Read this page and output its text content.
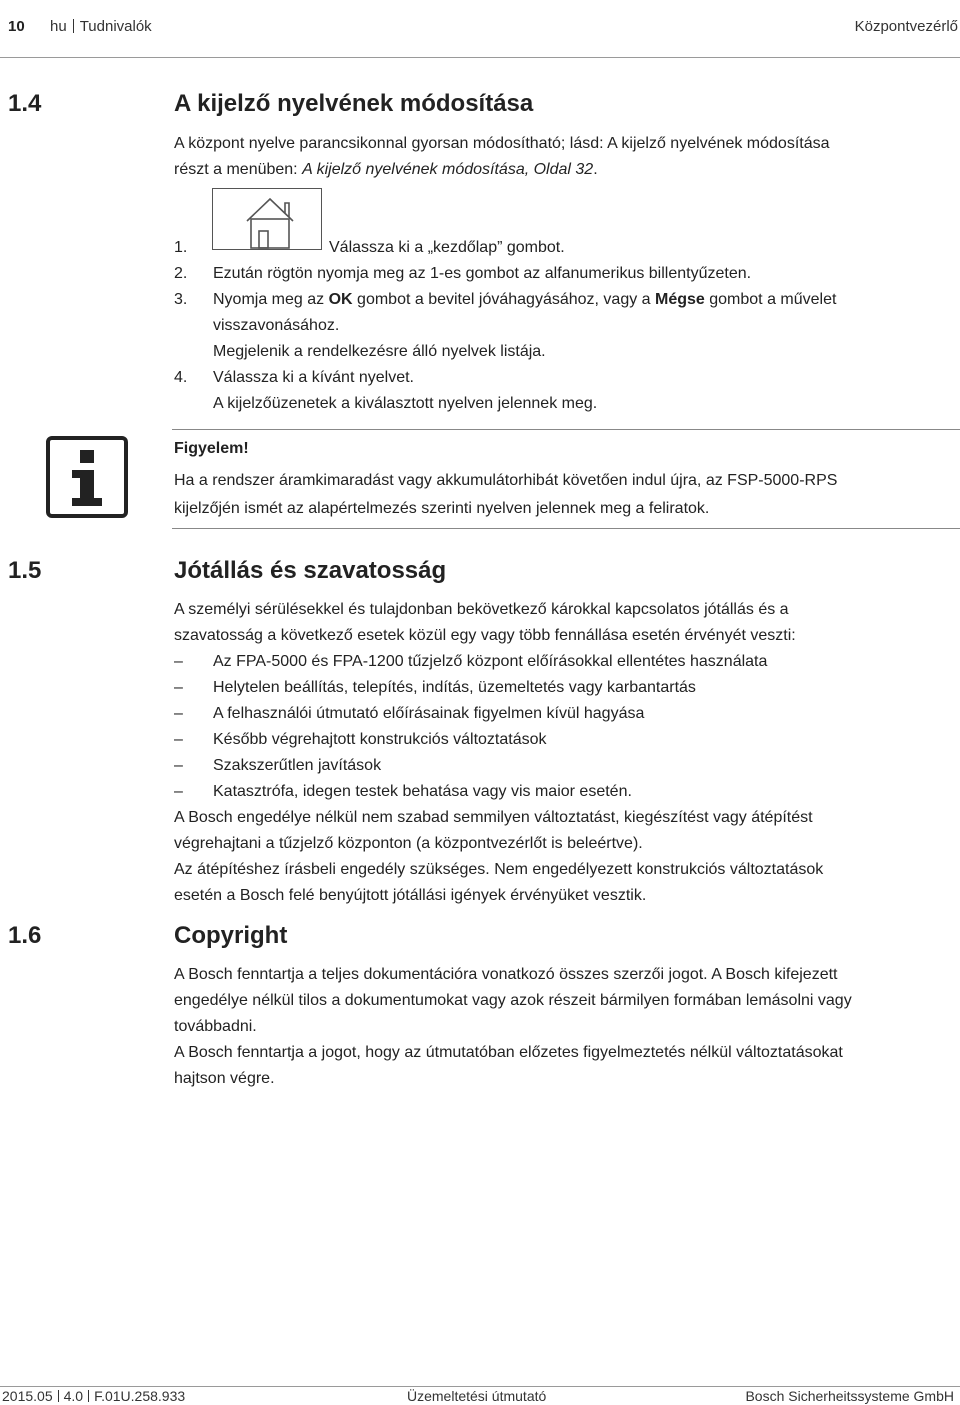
10 hu Tudnivalók	Központvezérlő
1.4	A kijelző nyelvének módosítása

A központ nyelve parancsikonnal gyorsan módosítható; lásd: A kijelző nyelvének módosítása
részt a menüben: A kijelző nyelvének módosítása, Oldal 32.

1.	Válassza ki a „kezdőlap” gombot.
2. Ezután rögtön nyomja meg az 1-es gombot az alfanumerikus billentyűzeten.
3. Nyomja meg az OK gombot a bevitel jóváhagyásához, vagy a Mégse gombot a művelet
visszavonásához.
Megjelenik a rendelkezésre álló nyelvek listája.
4. Válassza ki a kívánt nyelvet.
A kijelzőüzenetek a kiválasztott nyelven jelennek meg.
Figyelem!

Ha a rendszer áramkimaradást vagy akkumulátorhibát követően indul újra, az FSP-5000-RPS
kijelzőjén ismét az alapértelmezés szerinti nyelven jelennek meg a feliratok.

1.5	Jótállás és szavatosság

A személyi sérülésekkel és tulajdonban bekövetkező károkkal kapcsolatos jótállás és a
szavatosság a következő esetek közül egy vagy több fennállása esetén érvényét veszti:

– Az FPA-5000 és FPA-1200 tűzjelző központ előírásokkal ellentétes használata
– Helytelen beállítás, telepítés, indítás, üzemeltetés vagy karbantartás
– A felhasználói útmutató előírásainak figyelmen kívül hagyása
– Később végrehajtott konstrukciós változtatások
– Szakszerűtlen javítások
– Katasztrófa, idegen testek behatása vagy vis maior esetén.

A Bosch engedélye nélkül nem szabad semmilyen változtatást, kiegészítést vagy átépítést
végrehajtani a tűzjelző központon (a központvezérlőt is beleértve).
Az átépítéshez írásbeli engedély szükséges. Nem engedélyezett konstrukciós változtatások
esetén a Bosch felé benyújtott jótállási igények érvényüket vesztik.

1.6	Copyright

A Bosch fenntartja a teljes dokumentációra vonatkozó összes szerzői jogot. A Bosch kifejezett
engedélye nélkül tilos a dokumentumokat vagy azok részeit bármilyen formában lemásolni vagy
továbbadni.
A Bosch fenntartja a jogot, hogy az útmutatóban előzetes figyelmeztetés nélkül változtatásokat
hajtson végre.

2015.05 4.0 F.01U.258.933	Üzemeltetési útmutató	Bosch Sicherheitssysteme GmbH
